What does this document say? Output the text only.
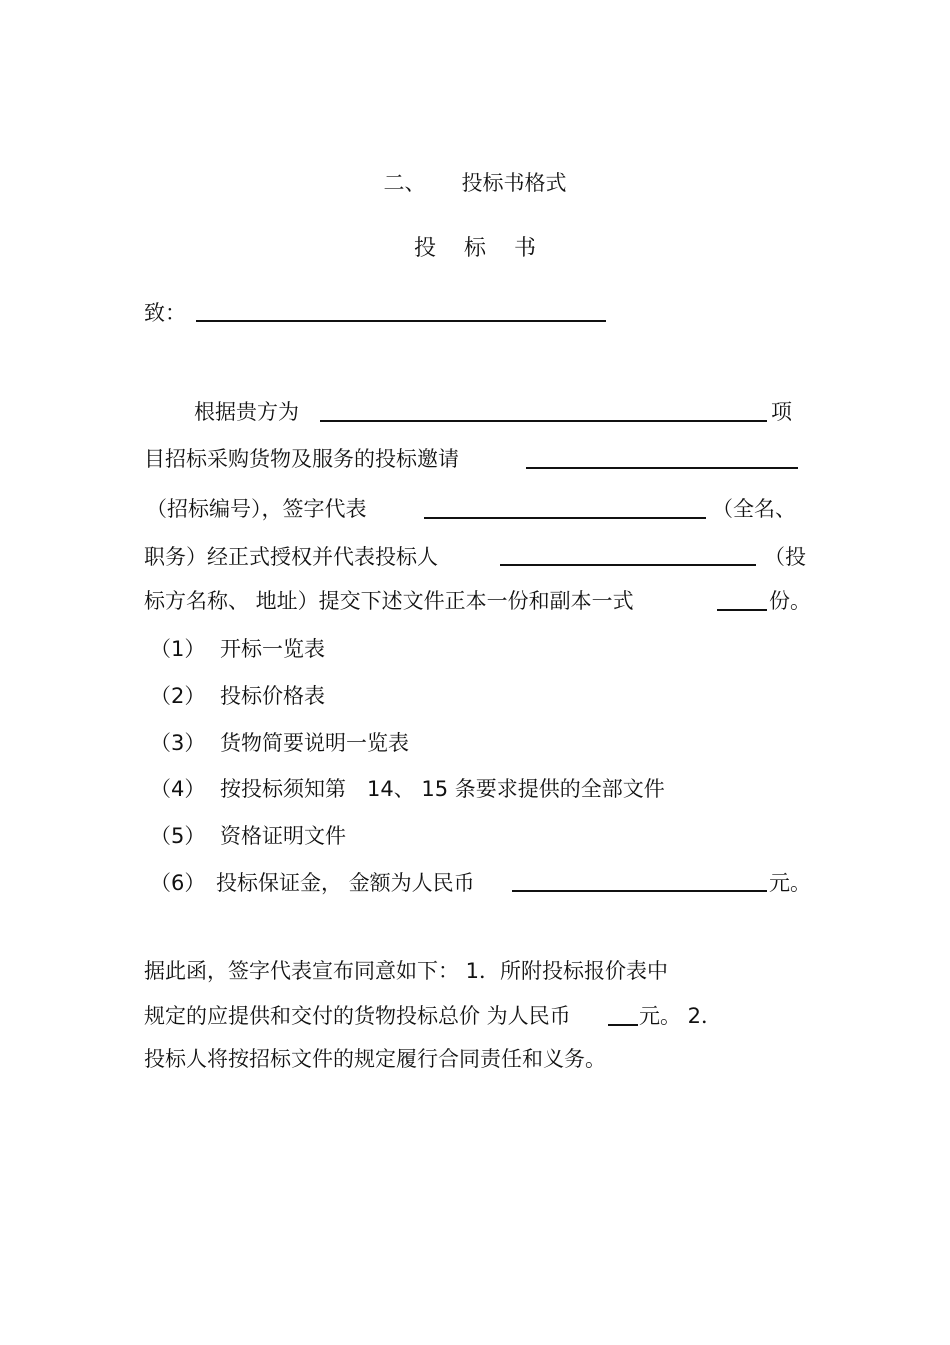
二、 投标书格式
投标书
致：
根据贵方为	项
目招标采购货物及服务的投标邀请
（招标编号），签字代表	（全名、
职务）经正式授权并代表投标人	（投
标方名称、 地址）提交下述文件正本一份和副本一式	份。
（1） 开标一览表
（2） 投标价格表
（3） 货物简要说明一览表
（4） 按投标须知第　14、 15 条要求提供的全部文件
（5） 资格证明文件
（6） 投标保证金， 金额为人民币	元。
据此函，签字代表宣布同意如下： 1．所附投标报价表中
规定的应提供和交付的货物投标总价 为人民币	元。 2．
投标人将按招标文件的规定履行合同责任和义务。
